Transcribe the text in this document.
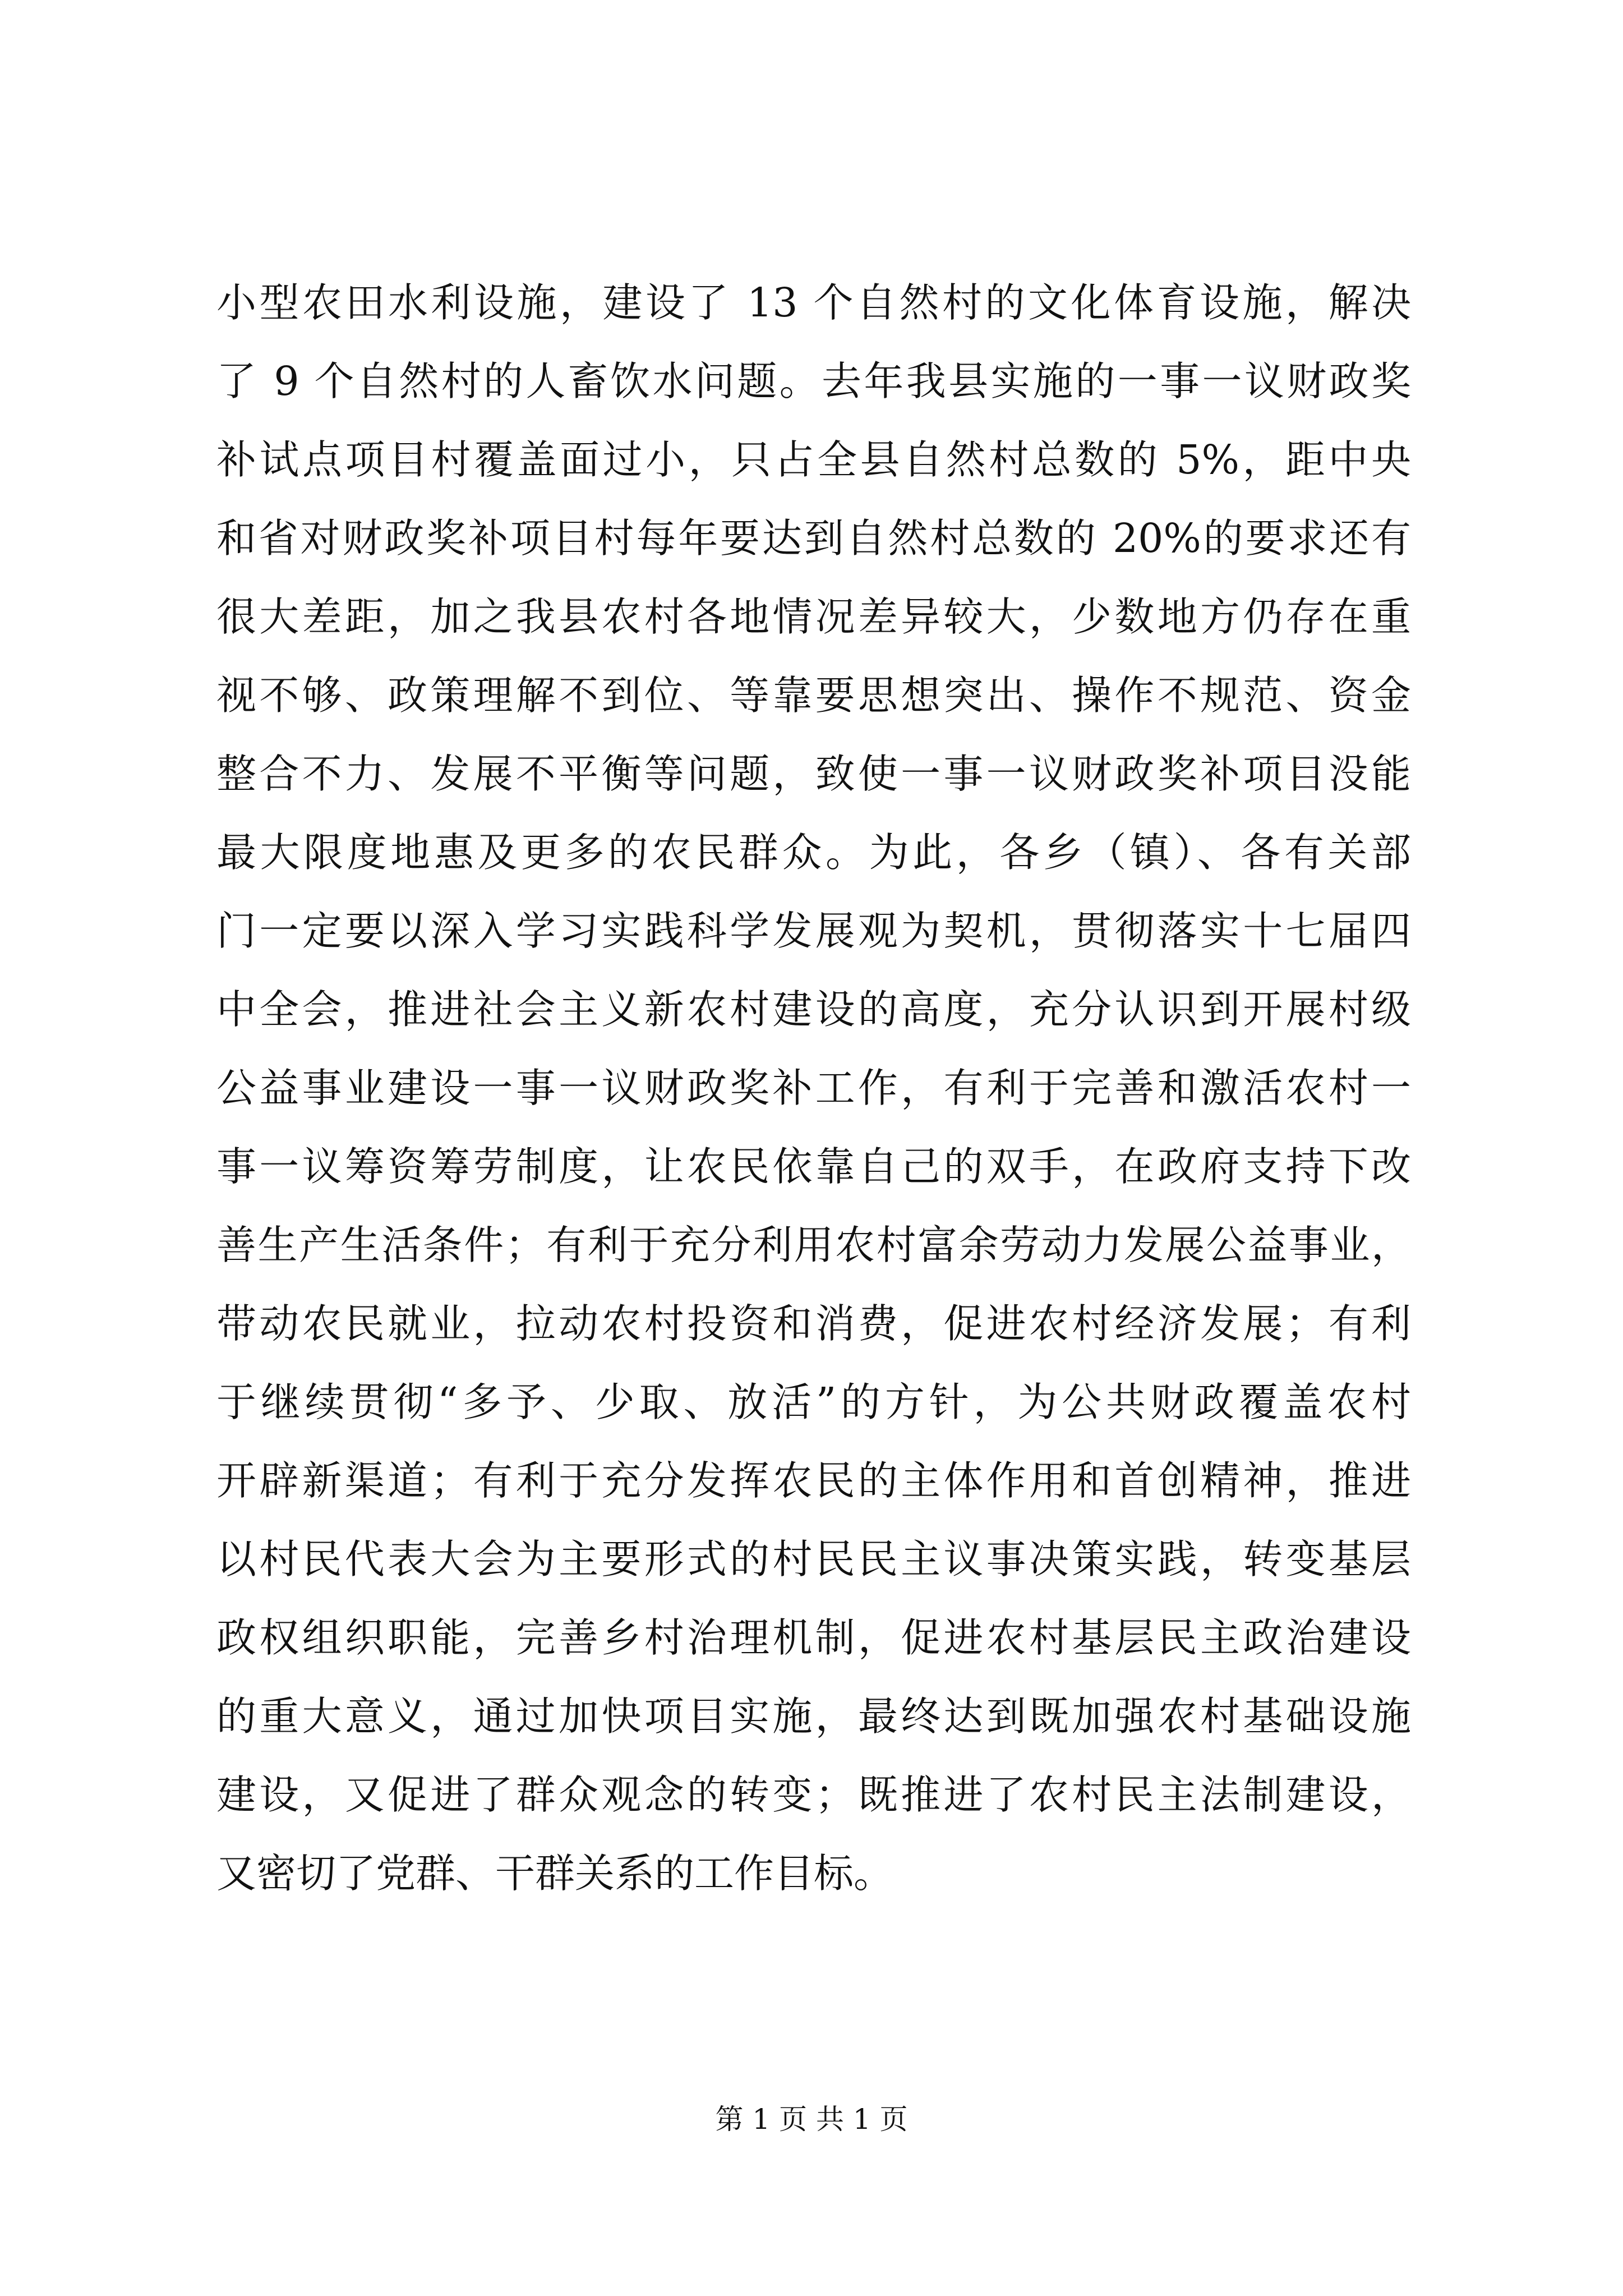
小型农田水利设施，建设了 13 个自然村的文化体育设施，解决
了 9 个自然村的人畜饮水问题。去年我县实施的一事一议财政奖
补试点项目村覆盖面过小，只占全县自然村总数的 5%，距中央
和省对财政奖补项目村每年要达到自然村总数的 20%的要求还有
很大差距，加之我县农村各地情况差异较大，少数地方仍存在重
视不够、政策理解不到位、等靠要思想突出、操作不规范、资金
整合不力、发展不平衡等问题，致使一事一议财政奖补项目没能
最大限度地惠及更多的农民群众。为此，各乡（镇）、各有关部
门一定要以深入学习实践科学发展观为契机，贯彻落实十七届四
中全会，推进社会主义新农村建设的高度，充分认识到开展村级
公益事业建设一事一议财政奖补工作，有利于完善和激活农村一
事一议筹资筹劳制度，让农民依靠自己的双手，在政府支持下改
善生产生活条件；有利于充分利用农村富余劳动力发展公益事业，
带动农民就业，拉动农村投资和消费，促进农村经济发展；有利
于继续贯彻“多予、少取、放活”的方针，为公共财政覆盖农村
开辟新渠道；有利于充分发挥农民的主体作用和首创精神，推进
以村民代表大会为主要形式的村民民主议事决策实践，转变基层
政权组织职能，完善乡村治理机制，促进农村基层民主政治建设
的重大意义，通过加快项目实施，最终达到既加强农村基础设施
建设，又促进了群众观念的转变；既推进了农村民主法制建设，
又密切了党群、干群关系的工作目标。
第 1 页 共 1 页
